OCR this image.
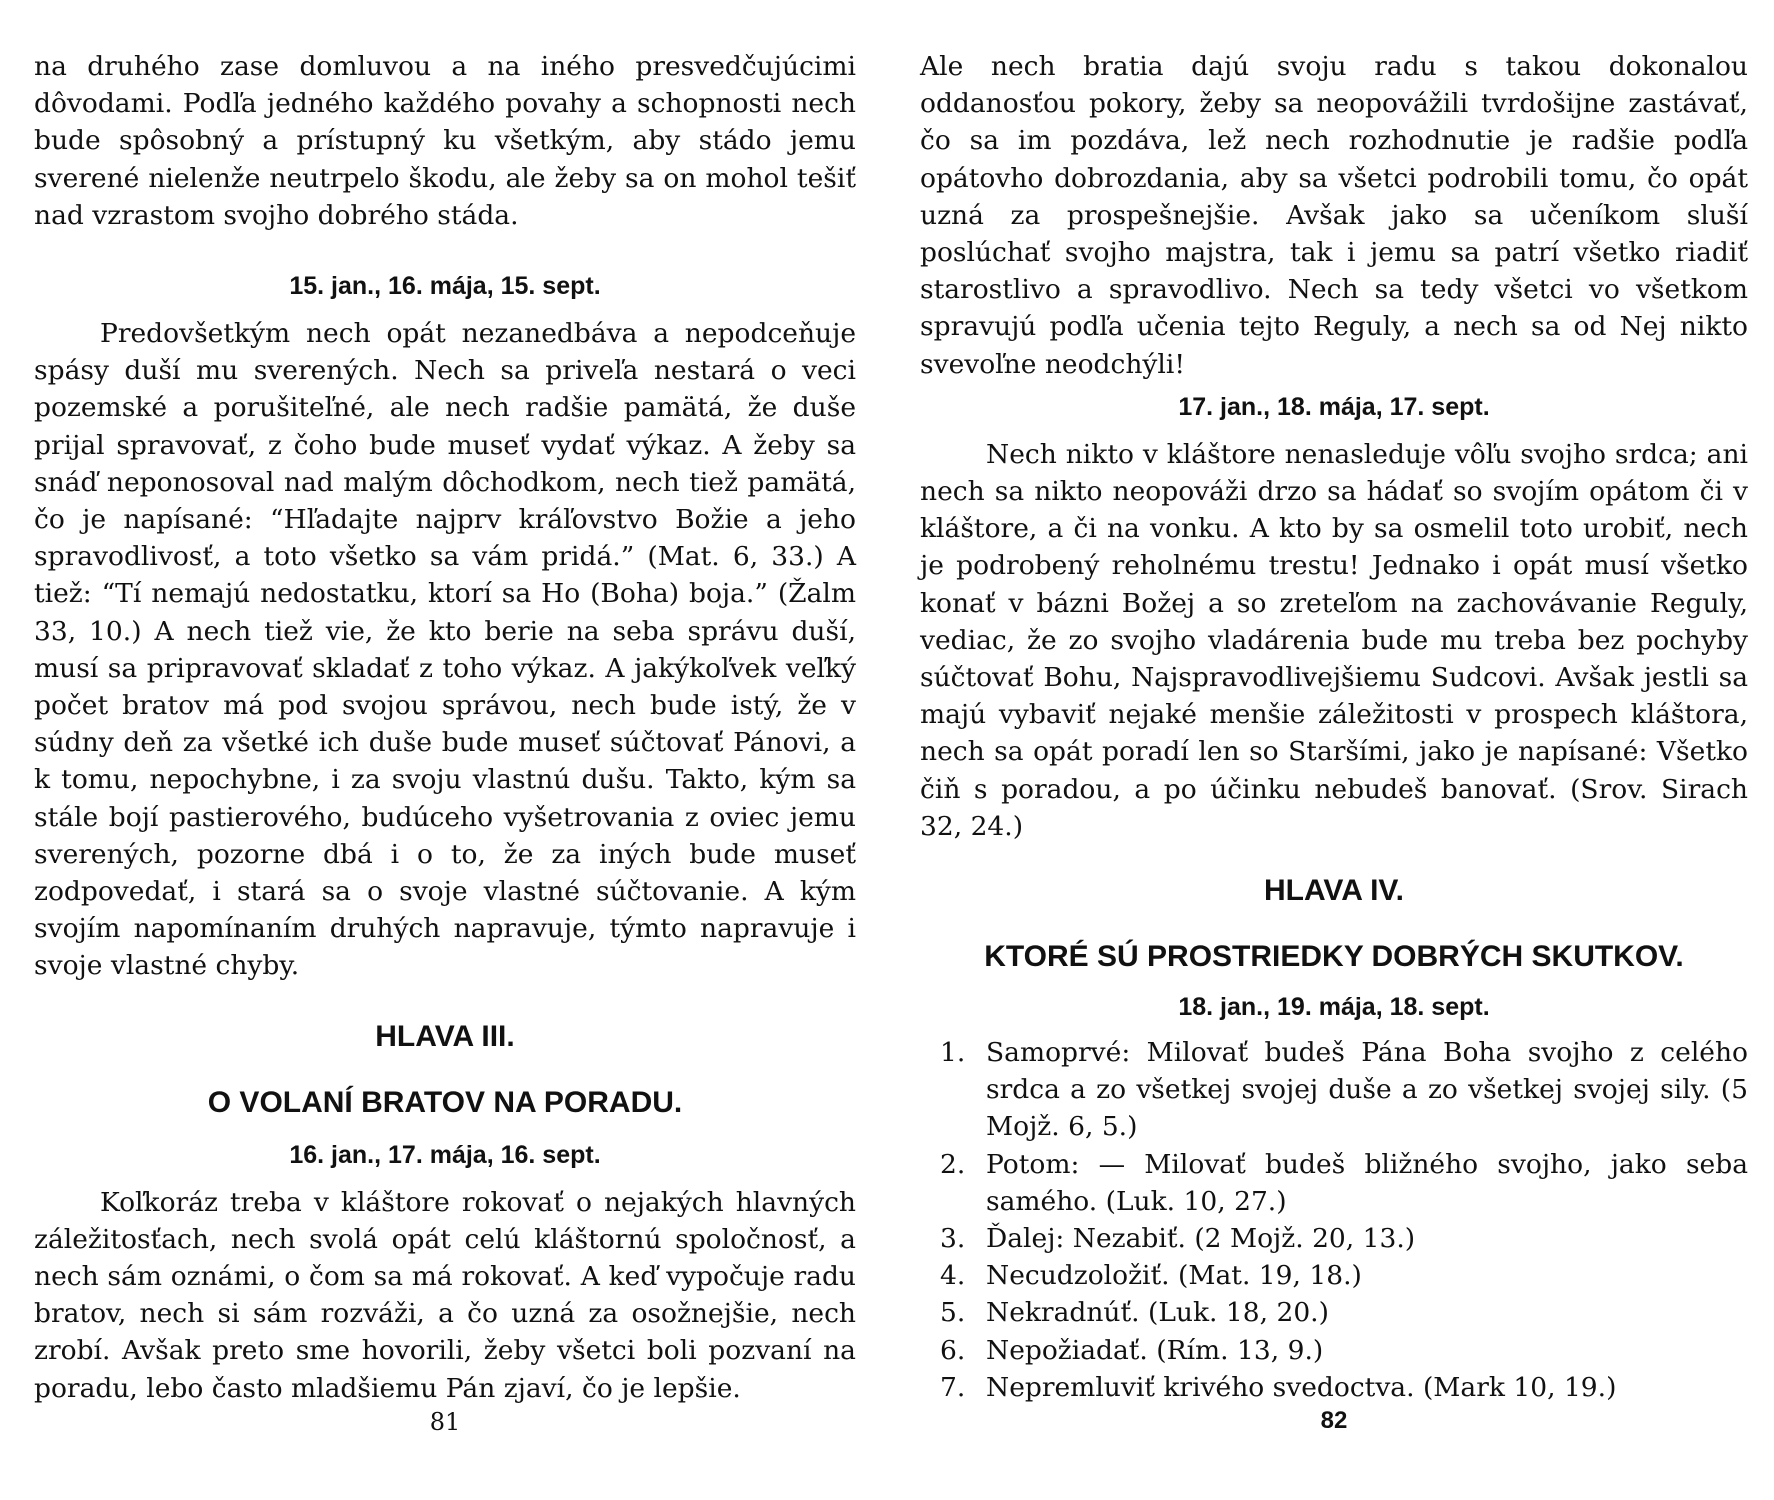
na druhého zase domluvou a na iného presvedčujúcimi dôvodami. Podľa jedného každého povahy a schopnosti nech bude spôsobný a prístupný ku všetkým, aby stádo jemu sverené nielenže neutrpelo škodu, ale žeby sa on mohol tešiť nad vzrastom svojho dobrého stáda.

15. jan., 16. mája, 15. sept.

Predovšetkým nech opát nezanedbáva a nepodceňuje spásy duší mu sverených. Nech sa priveľa nestará o veci pozemské a porušiteľné, ale nech radšie pamätá, že duše prijal spravovať, z čoho bude museť vydať výkaz. A žeby sa snáď neponosoval nad malým dôchodkom, nech tiež pamätá, čo je napísané: “Hľadajte najprv kráľovstvo Božie a jeho spravodlivosť, a toto všetko sa vám pridá.” (Mat. 6, 33.) A tiež: “Tí nemajú nedostatku, ktorí sa Ho (Boha) boja.” (Žalm 33, 10.) A nech tiež vie, že kto berie na seba správu duší, musí sa pripravovať skladať z toho výkaz. A jakýkoľvek veľký počet bratov má pod svojou správou, nech bude istý, že v súdny deň za všetké ich duše bude museť súčtovať Pánovi, a k tomu, nepochybne, i za svoju vlastnú dušu. Takto, kým sa stále bojí pastierového, budúceho vyšetrovania z oviec jemu sverených, pozorne dbá i o to, že za iných bude museť zodpovedať, i stará sa o svoje vlastné súčtovanie. A kým svojím napomínaním druhých napravuje, týmto napravuje i svoje vlastné chyby.

HLAVA III.
O VOLANÍ BRATOV NA PORADU.
16. jan., 17. mája, 16. sept.

Koľkoráz treba v kláštore rokovať o nejakých hlavných záležitosťach, nech svolá opát celú kláštornú spoločnosť, a nech sám oznámi, o čom sa má rokovať. A keď vypočuje radu bratov, nech si sám rozváži, a čo uzná za osožnejšie, nech zrobí. Avšak preto sme hovorili, žeby všetci boli pozvaní na poradu, lebo často mladšiemu Pán zjaví, čo je lepšie.

81

Ale nech bratia dajú svoju radu s takou dokonalou oddanosťou pokory, žeby sa neopovážili tvrdošijne zastávať, čo sa im pozdáva, lež nech rozhodnutie je radšie podľa opátovho dobrozdania, aby sa všetci podrobili tomu, čo opát uzná za prospešnejšie. Avšak jako sa učeníkom sluší poslúchať svojho majstra, tak i jemu sa patrí všetko riadiť starostlivo a spravodlivo. Nech sa tedy všetci vo všetkom spravujú podľa učenia tejto Reguly, a nech sa od Nej nikto svevoľne neodchýli!

17. jan., 18. mája, 17. sept.

Nech nikto v kláštore nenasleduje vôľu svojho srdca; ani nech sa nikto neopováži drzo sa hádať so svojím opátom či v kláštore, a či na vonku. A kto by sa osmelil toto urobiť, nech je podrobený reholnému trestu! Jednako i opát musí všetko konať v bázni Božej a so zreteľom na zachovávanie Reguly, vediac, že zo svojho vladárenia bude mu treba bez pochyby súčtovať Bohu, Najspravodlivejšiemu Sudcovi. Avšak jestli sa majú vybaviť nejaké menšie záležitosti v prospech kláštora, nech sa opát poradí len so Staršími, jako je napísané: Všetko čiň s poradou, a po účinku nebudeš banovať. (Srov. Sirach 32, 24.)

HLAVA IV.
KTORÉ SÚ PROSTRIEDKY DOBRÝCH SKUTKOV.
18. jan., 19. mája, 18. sept.
1. Samoprvé: Milovať budeš Pána Boha svojho z celého srdca a zo všetkej svojej duše a zo všetkej svojej sily. (5 Mojž. 6, 5.)
2. Potom: — Milovať budeš bližného svojho, jako seba samého. (Luk. 10, 27.)
3. Ďalej: Nezabiť. (2 Mojž. 20, 13.)
4. Necudzoložiť. (Mat. 19, 18.)
5. Nekradnúť. (Luk. 18, 20.)
6. Nepožiadať. (Rím. 13, 9.)
7. Nepremluviť krivého svedoctva. (Mark 10, 19.)
82
